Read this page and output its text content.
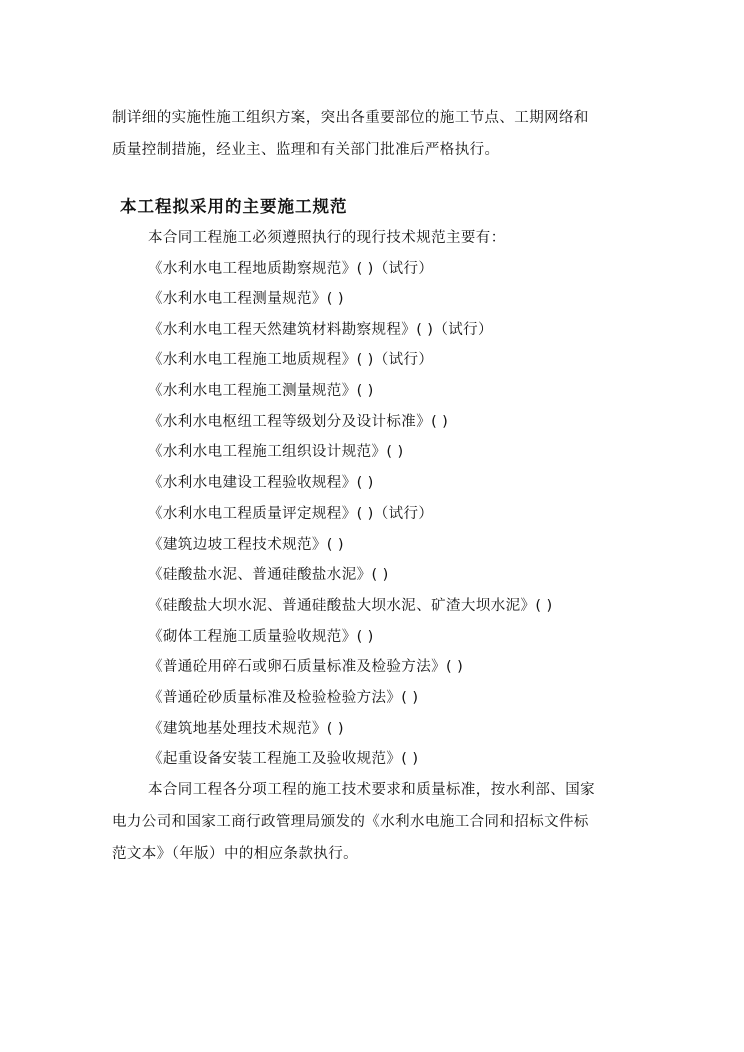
制详细的实施性施工组织方案，突出各重要部位的施工节点、工期网络和
质量控制措施，经业主、监理和有关部门批准后严格执行。
本工程拟采用的主要施工规范
本合同工程施工必须遵照执行的现行技术规范主要有：
《水利水电工程地质勘察规范》( )（试行）
《水利水电工程测量规范》( )
《水利水电工程天然建筑材料勘察规程》( )（试行）
《水利水电工程施工地质规程》( )（试行）
《水利水电工程施工测量规范》( )
《水利水电枢纽工程等级划分及设计标准》( )
《水利水电工程施工组织设计规范》( )
《水利水电建设工程验收规程》( )
《水利水电工程质量评定规程》( )（试行）
《建筑边坡工程技术规范》( )
《硅酸盐水泥、普通硅酸盐水泥》( )
《硅酸盐大坝水泥、普通硅酸盐大坝水泥、矿渣大坝水泥》( )
《砌体工程施工质量验收规范》( )
《普通砼用碎石或卵石质量标准及检验方法》( )
《普通砼砂质量标准及检验检验方法》( )
《建筑地基处理技术规范》( )
《起重设备安装工程施工及验收规范》( )
本合同工程各分项工程的施工技术要求和质量标准，按水利部、国家
电力公司和国家工商行政管理局颁发的《水利水电施工合同和招标文件标
范文本》（年版）中的相应条款执行。
